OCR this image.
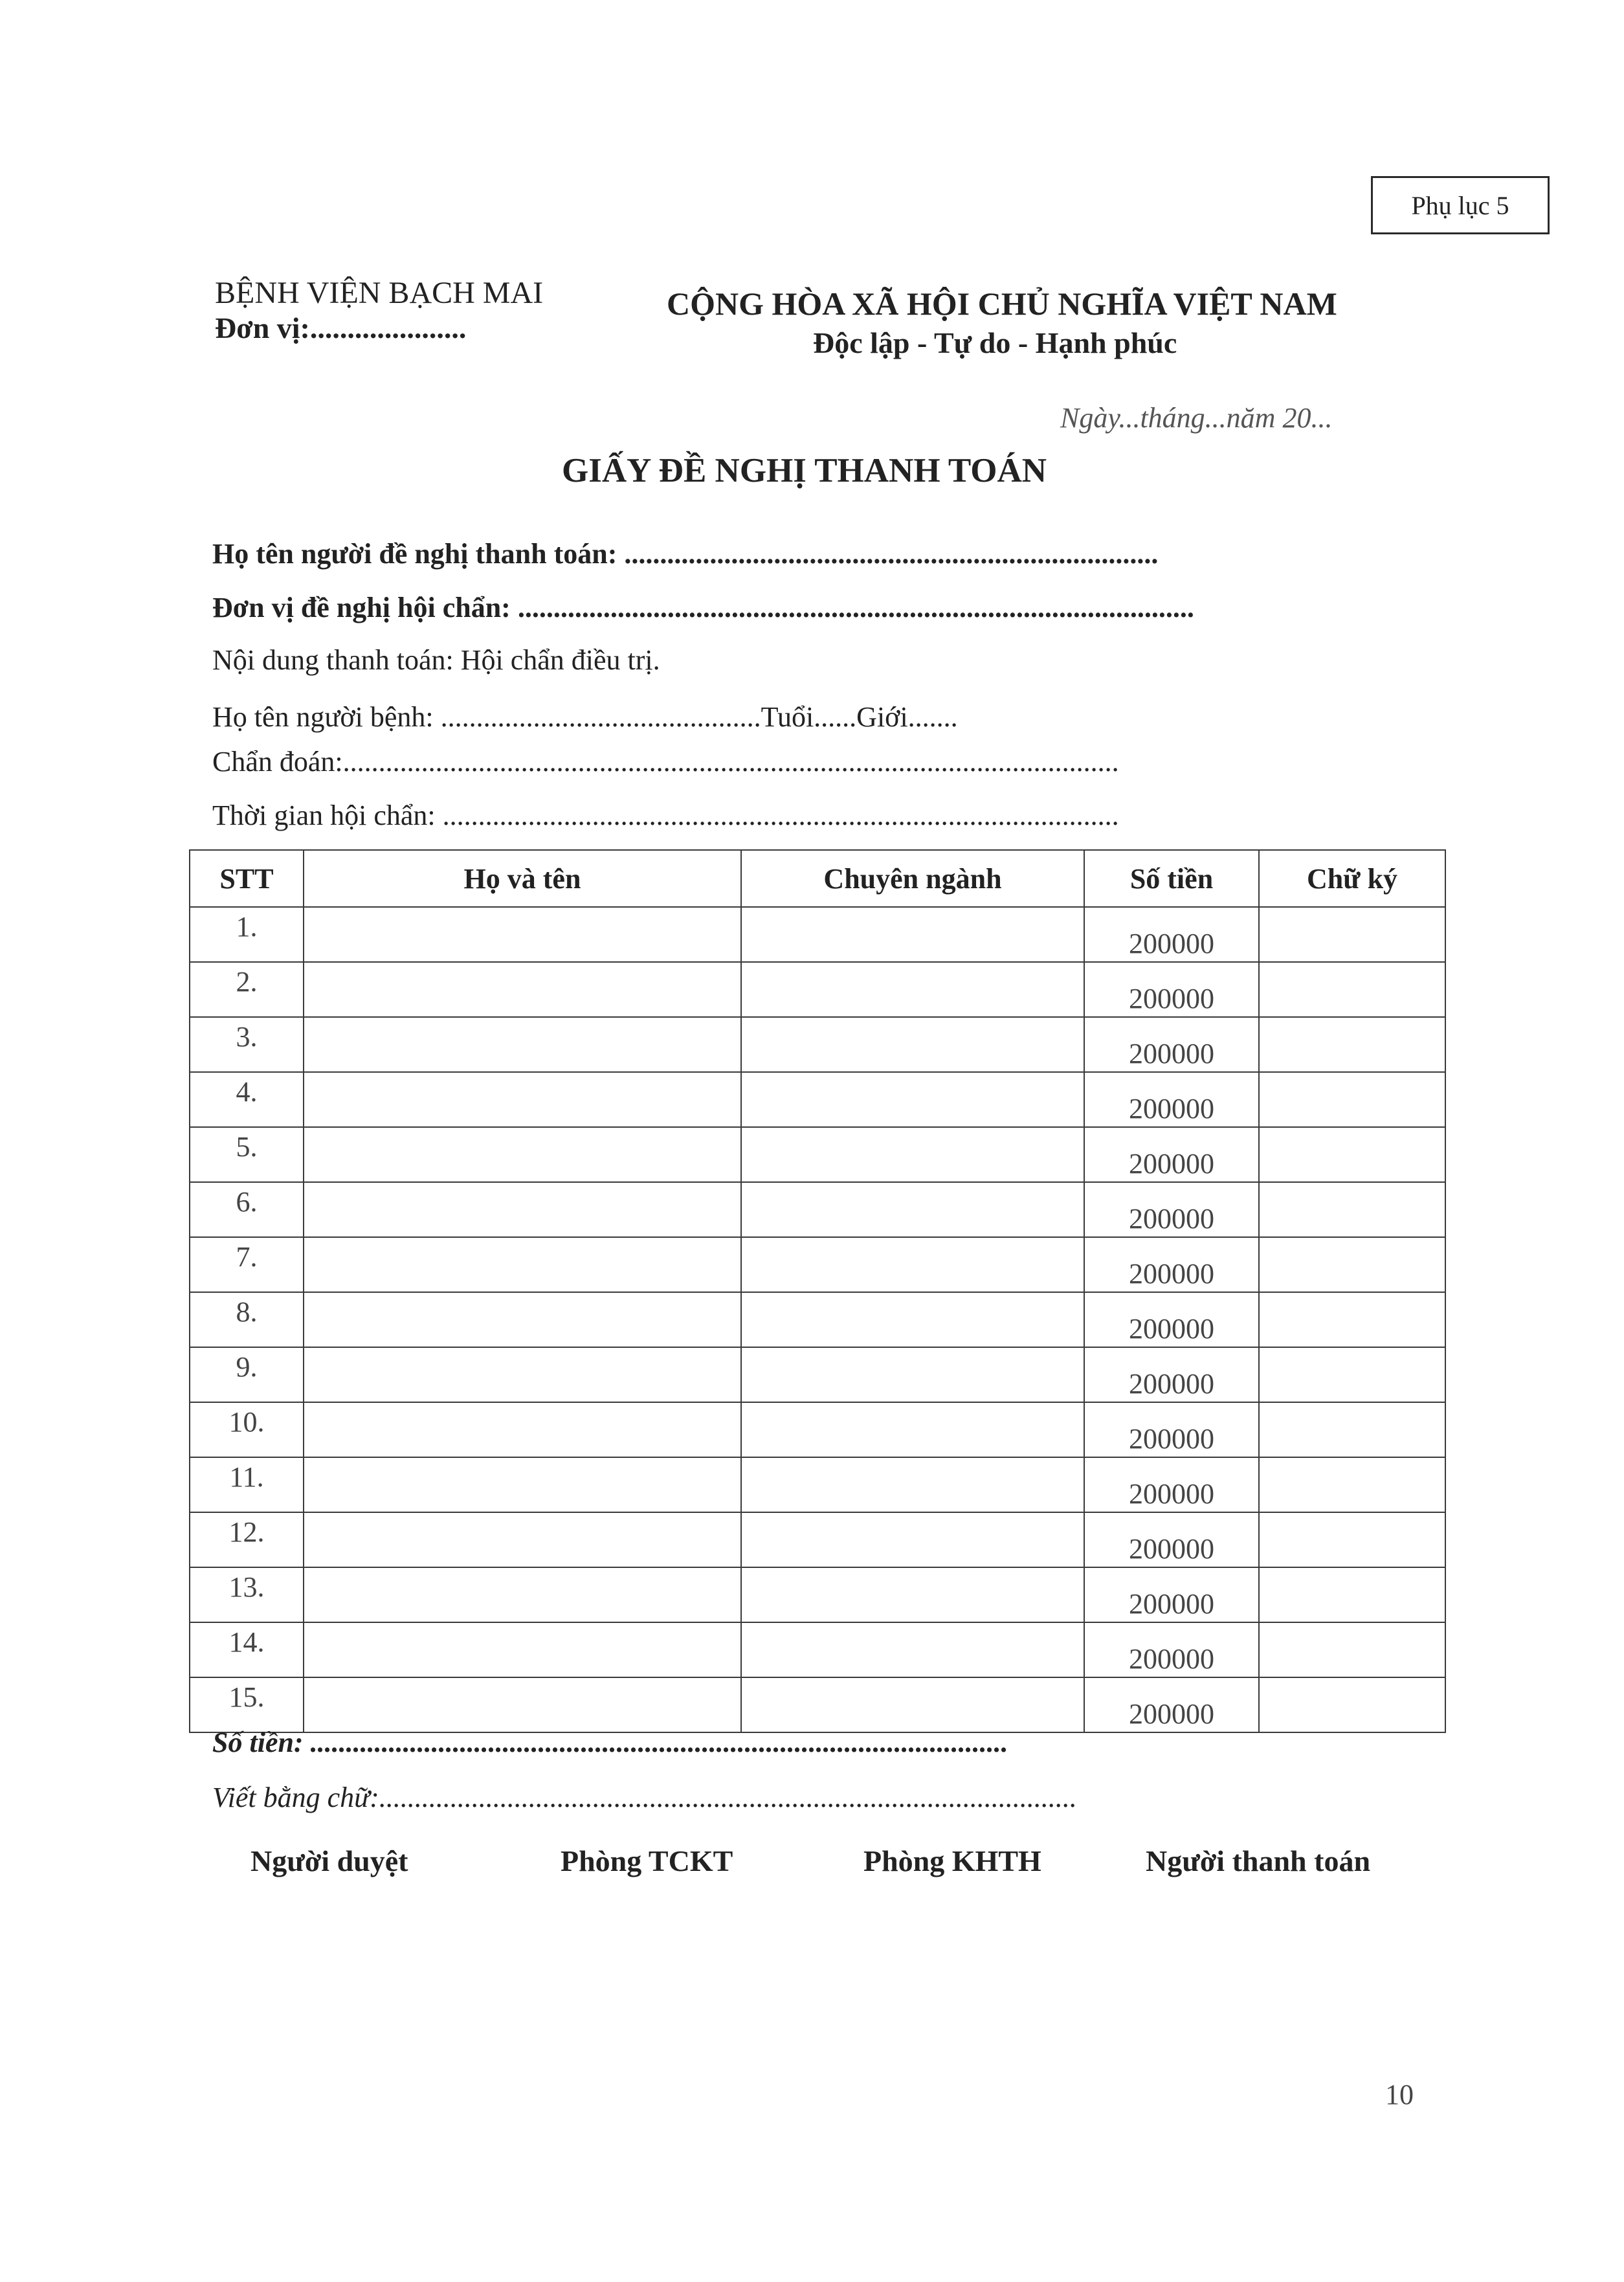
Phụ lục 5
BỆNH VIỆN BẠCH MAI
Đơn vị:.....................
CỘNG HÒA XÃ HỘI CHỦ NGHĨA VIỆT NAM
Độc lập - Tự do - Hạnh phúc
Ngày...tháng...năm 20...
GIẤY ĐỀ NGHỊ THANH TOÁN
Họ tên người đề nghị thanh toán: ...........................................................................
Đơn vị đề nghị hội chẩn: ...............................................................................................
Nội dung thanh toán: Hội chẩn điều trị.
Họ tên người bệnh: .............................................Tuổi......Giới.......
Chẩn đoán:.............................................................................................................
Thời gian hội chẩn: ...............................................................................................
STT	Họ và tên	Chuyên ngành	Số tiền	Chữ ký
1.			200000	
2.			200000	
3.			200000	
4.			200000	
5.			200000	
6.			200000	
7.			200000	
8.			200000	
9.			200000	
10.			200000	
11.			200000	
12.			200000	
13.			200000	
14.			200000	
15.			200000	
Số tiền: ..................................................................................................
Viết bằng chữ:..................................................................................................
Người duyệt	Phòng TCKT	Phòng KHTH	Người thanh toán
10
